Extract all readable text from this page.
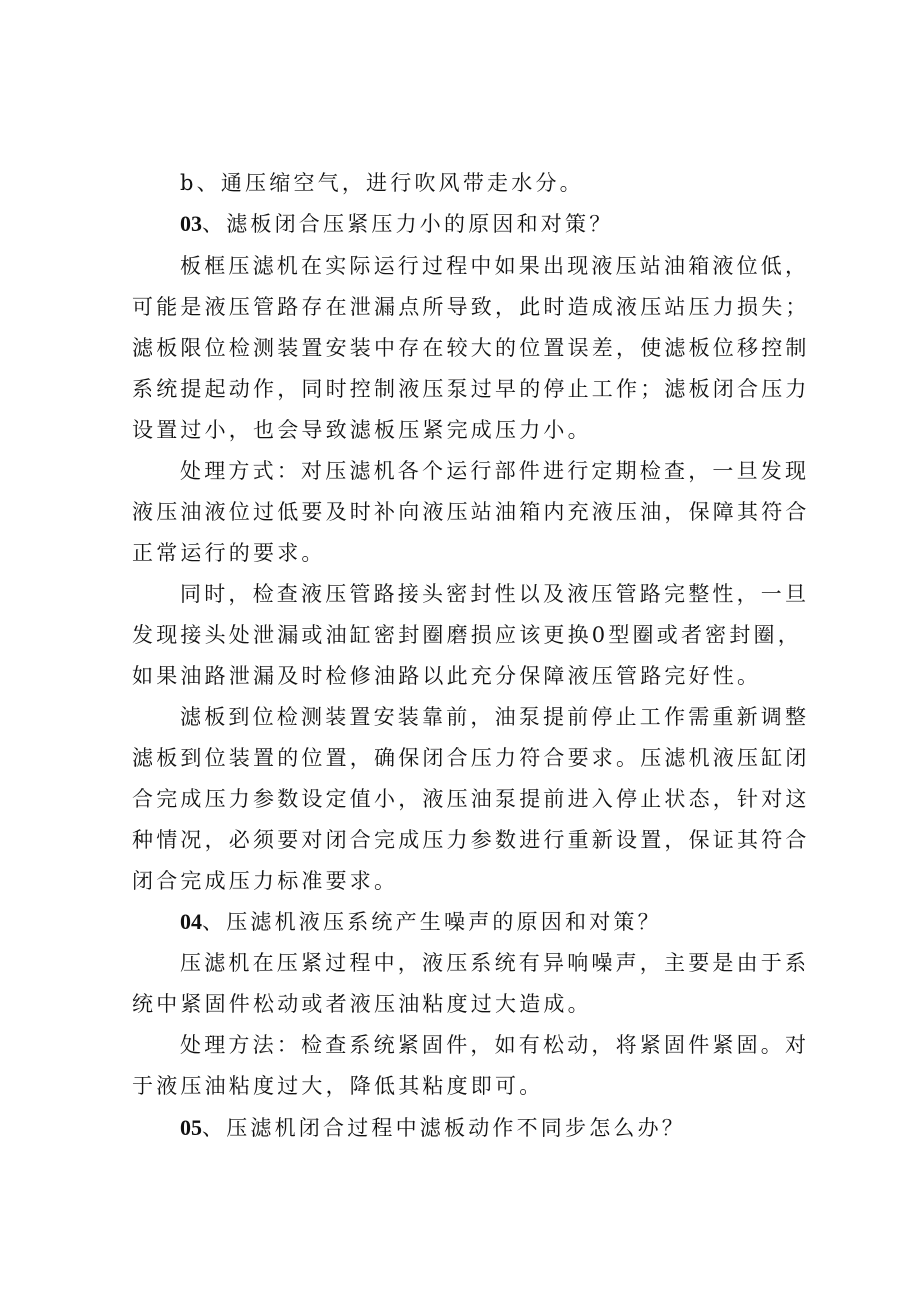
b、通压缩空气，进行吹风带走水分。
03、滤板闭合压紧压力小的原因和对策？
板框压滤机在实际运行过程中如果出现液压站油箱液位低，
可能是液压管路存在泄漏点所导致，此时造成液压站压力损失；
滤板限位检测装置安装中存在较大的位置误差，使滤板位移控制
系统提起动作，同时控制液压泵过早的停止工作；滤板闭合压力
设置过小，也会导致滤板压紧完成压力小。
处理方式：对压滤机各个运行部件进行定期检查，一旦发现
液压油液位过低要及时补向液压站油箱内充液压油，保障其符合
正常运行的要求。
同时，检查液压管路接头密封性以及液压管路完整性，一旦
发现接头处泄漏或油缸密封圈磨损应该更换0型圈或者密封圈，
如果油路泄漏及时检修油路以此充分保障液压管路完好性。
滤板到位检测装置安装靠前，油泵提前停止工作需重新调整
滤板到位装置的位置，确保闭合压力符合要求。压滤机液压缸闭
合完成压力参数设定值小，液压油泵提前进入停止状态，针对这
种情况，必须要对闭合完成压力参数进行重新设置，保证其符合
闭合完成压力标准要求。
04、压滤机液压系统产生噪声的原因和对策？
压滤机在压紧过程中，液压系统有异响噪声，主要是由于系
统中紧固件松动或者液压油粘度过大造成。
处理方法：检查系统紧固件，如有松动，将紧固件紧固。对
于液压油粘度过大，降低其粘度即可。
05、压滤机闭合过程中滤板动作不同步怎么办？
